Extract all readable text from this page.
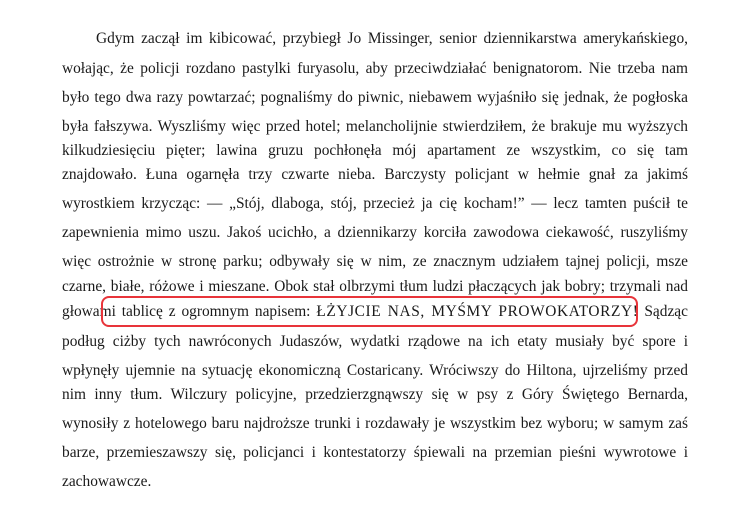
Gdym zaczął im kibicować, przybiegł Jo Missinger, senior dziennikarstwa amerykańskiego,
wołając, że policji rozdano pastylki furyasolu, aby przeciwdziałać benignatorom. Nie trzeba nam
było tego dwa razy powtarzać; pognaliśmy do piwnic, niebawem wyjaśniło się jednak, że pogłoska
była fałszywa. Wyszliśmy więc przed hotel; melancholijnie stwierdziłem, że brakuje mu wyższych
kilkudziesięciu pięter; lawina gruzu pochłonęła mój apartament ze wszystkim, co się tam
znajdowało. Łuna ogarnęła trzy czwarte nieba. Barczysty policjant w hełmie gnał za jakimś
wyrostkiem krzycząc: — „Stój, dlaboga, stój, przecież ja cię kocham!” — lecz tamten puścił te
zapewnienia mimo uszu. Jakoś ucichło, a dziennikarzy korciła zawodowa ciekawość, ruszyliśmy
więc ostrożnie w stronę parku; odbywały się w nim, ze znacznym udziałem tajnej policji, msze
czarne, białe, różowe i mieszane. Obok stał olbrzymi tłum ludzi płaczących jak bobry; trzymali nad
głowami tablicę z ogromnym napisem: ŁŻYJCIE NAS, MYŚMY PROWOKATORZY! Sądząc
podług ciżby tych nawróconych Judaszów, wydatki rządowe na ich etaty musiały być spore i
wpłynęły ujemnie na sytuację ekonomiczną Costaricany. Wróciwszy do Hiltona, ujrzeliśmy przed
nim inny tłum. Wilczury policyjne, przedzierzgnąwszy się w psy z Góry Świętego Bernarda,
wynosiły z hotelowego baru najdroższe trunki i rozdawały je wszystkim bez wyboru; w samym zaś
barze, przemieszawszy się, policjanci i kontestatorzy śpiewali na przemian pieśni wywrotowe i
zachowawcze.
